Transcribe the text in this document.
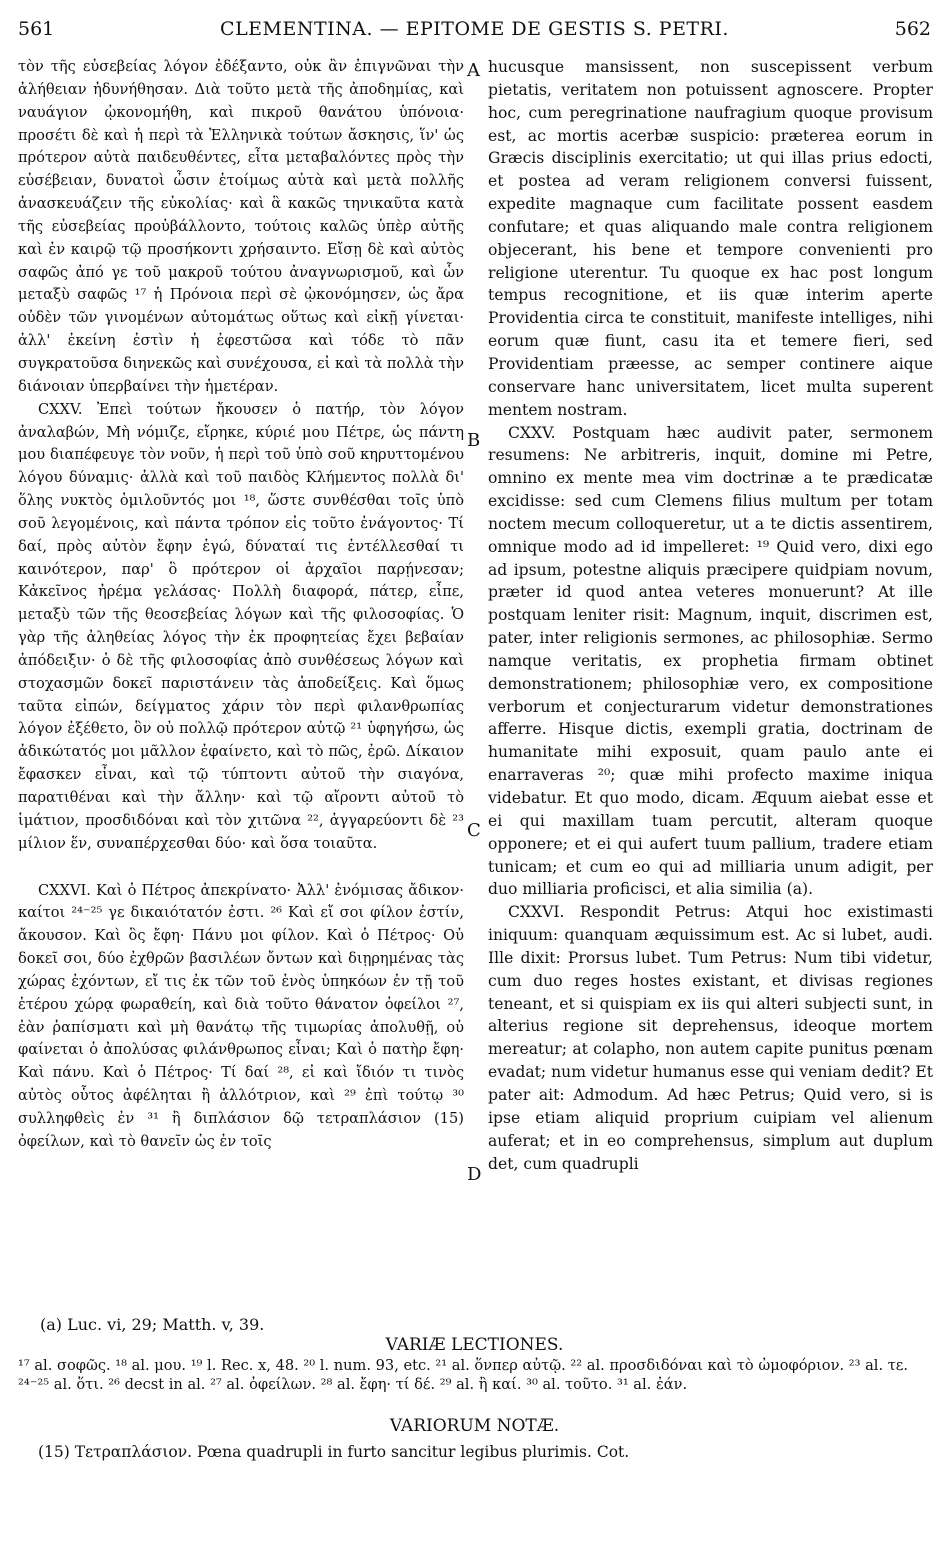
561	CLEMENTINA. — EPITOME DE GESTIS S. PETRI.	562

τὸν τῆς εὐσεβείας λόγον ἐδέξαντο, οὐκ ἂν ἐπιγνῶναι τὴν ἀλήθειαν ἠδυνήθησαν. Διὰ τοῦτο μετὰ τῆς ἀποδημίας, καὶ ναυάγιον ᾠκονομήθη, καὶ πικροῦ θανάτου ὑπόνοια· προσέτι δὲ καὶ ἡ περὶ τὰ Ἑλληνικὰ τούτων ἄσκησις, ἵν' ὡς πρότερον αὐτὰ παιδευθέντες, εἶτα μεταβαλόντες πρὸς τὴν εὐσέβειαν, δυνατοὶ ὦσιν ἑτοίμως αὐτὰ καὶ μετὰ πολλῆς ἀνασκευάζειν τῆς εὐκολίας· καὶ ἃ κακῶς τηνικαῦτα κατὰ τῆς εὐσεβείας προὐβάλλοντο, τούτοις καλῶς ὑπὲρ αὐτῆς καὶ ἐν καιρῷ τῷ προσήκοντι χρήσαιντο. Εἴσῃ δὲ καὶ αὐτὸς σαφῶς ἀπό γε τοῦ μακροῦ τούτου ἀναγνωρισμοῦ, καὶ ὧν μεταξὺ σαφῶς ¹⁷ ἡ Πρόνοια περὶ σὲ ᾠκονόμησεν, ὡς ἄρα οὐδὲν τῶν γινομένων αὐτομάτως οὕτως καὶ εἰκῇ γίνεται· ἀλλ' ἐκείνη ἐστὶν ἡ ἐφεστῶσα καὶ τόδε τὸ πᾶν συγκρατοῦσα διηνεκῶς καὶ συνέχουσα, εἰ καὶ τὰ πολλὰ τὴν διάνοιαν ὑπερβαίνει τὴν ἡμετέραν.

CXXV. Ἐπεὶ τούτων ἤκουσεν ὁ πατήρ, τὸν λόγον ἀναλαβών, Μὴ νόμιζε, εἴρηκε, κύριέ μου Πέτρε, ὡς πάντη μου διαπέφευγε τὸν νοῦν, ἡ περὶ τοῦ ὑπὸ σοῦ κηρυττομένου λόγου δύναμις· ἀλλὰ καὶ τοῦ παιδὸς Κλήμεντος πολλὰ δι' ὅλης νυκτὸς ὁμιλοῦντός μοι ¹⁸, ὥστε συνθέσθαι τοῖς ὑπὸ σοῦ λεγομένοις, καὶ πάντα τρόπον εἰς τοῦτο ἐνάγοντος· Τί δαί, πρὸς αὐτὸν ἔφην ἐγώ, δύναταί τις ἐντέλλεσθαί τι καινότερον, παρ' ὃ πρότερον οἱ ἀρχαῖοι παρῄνεσαν; Κἀκεῖνος ἠρέμα γελάσας· Πολλὴ διαφορά, πάτερ, εἶπε, μεταξὺ τῶν τῆς θεοσεβείας λόγων καὶ τῆς φιλοσοφίας. Ὁ γὰρ τῆς ἀληθείας λόγος τὴν ἐκ προφητείας ἔχει βεβαίαν ἀπόδειξιν· ὁ δὲ τῆς φιλοσοφίας ἀπὸ συνθέσεως λόγων καὶ στοχασμῶν δοκεῖ παριστάνειν τὰς ἀποδείξεις. Καὶ ὅμως ταῦτα εἰπών, δείγματος χάριν τὸν περὶ φιλανθρωπίας λόγον ἐξέθετο, ὃν οὐ πολλῷ πρότερον αὐτῷ ²¹ ὑφηγήσω, ὡς ἀδικώτατός μοι μᾶλλον ἐφαίνετο, καὶ τὸ πῶς, ἐρῶ. Δίκαιον ἔφασκεν εἶναι, καὶ τῷ τύπτοντι αὐτοῦ τὴν σιαγόνα, παρατιθέναι καὶ τὴν ἄλλην· καὶ τῷ αἴροντι αὐτοῦ τὸ ἱμάτιον, προσδιδόναι καὶ τὸν χιτῶνα ²², ἀγγαρεύοντι δὲ ²³ μίλιον ἕν, συναπέρχεσθαι δύο· καὶ ὅσα τοιαῦτα.

CXXVI. Καὶ ὁ Πέτρος ἀπεκρίνατο· Ἀλλ' ἐνόμισας ἄδικον· καίτοι ²⁴⁻²⁵ γε δικαιότατόν ἐστι. ²⁶ Καὶ εἴ σοι φίλον ἐστίν, ἄκουσον. Καὶ ὃς ἔφη· Πάνυ μοι φίλον. Καὶ ὁ Πέτρος· Οὐ δοκεῖ σοι, δύο ἐχθρῶν βασιλέων ὄντων καὶ διῃρημένας τὰς χώρας ἐχόντων, εἴ τις ἐκ τῶν τοῦ ἑνὸς ὑπηκόων ἐν τῇ τοῦ ἑτέρου χώρᾳ φωραθείη, καὶ διὰ τοῦτο θάνατον ὀφείλοι ²⁷, ἐὰν ῥαπίσματι καὶ μὴ θανάτῳ τῆς τιμωρίας ἀπολυθῇ, οὐ φαίνεται ὁ ἀπολύσας φιλάνθρωπος εἶναι; Καὶ ὁ πατὴρ ἔφη· Καὶ πάνυ. Καὶ ὁ Πέτρος· Τί δαί ²⁸, εἰ καὶ ἴδιόν τι τινὸς αὐτὸς οὗτος ἀφέληται ἢ ἀλλότριον, καὶ ²⁹ ἐπὶ τούτῳ ³⁰ συλληφθεὶς ἐν ³¹ ἢ διπλάσιον δῷ τετραπλάσιον (15) ὀφείλων, καὶ τὸ θανεῖν ὡς ἐν τοῖς

hucusque mansissent, non suscepissent verbum pietatis, veritatem non potuissent agnoscere. Propter hoc, cum peregrinatione naufragium quoque provisum est, ac mortis acerbæ suspicio: præterea eorum in Græcis disciplinis exercitatio; ut qui illas prius edocti, et postea ad veram religionem conversi fuissent, expedite magnaque cum facilitate possent easdem confutare; et quas aliquando male contra religionem objecerant, his bene et tempore convenienti pro religione uterentur. Tu quoque ex hac post longum tempus recognitione, et iis quæ interim aperte Providentia circa te constituit, manifeste intelliges, nihi eorum quæ fiunt, casu ita et temere fieri, sed Providentiam præesse, ac semper continere aique conservare hanc universitatem, licet multa superent mentem nostram.

CXXV. Postquam hæc audivit pater, sermonem resumens: Ne arbitreris, inquit, domine mi Petre, omnino ex mente mea vim doctrinæ a te prædicatæ excidisse: sed cum Clemens filius multum per totam noctem mecum colloqueretur, ut a te dictis assentirem, omnique modo ad id impelleret: ¹⁹ Quid vero, dixi ego ad ipsum, potestne aliquis præcipere quidpiam novum, præter id quod antea veteres monuerunt? At ille postquam leniter risit: Magnum, inquit, discrimen est, pater, inter religionis sermones, ac philosophiæ. Sermo namque veritatis, ex prophetia firmam obtinet demonstrationem; philosophiæ vero, ex compositione verborum et conjecturarum videtur demonstrationes afferre. Hisque dictis, exempli gratia, doctrinam de humanitate mihi exposuit, quam paulo ante ei enarraveras ²⁰; quæ mihi profecto maxime iniqua videbatur. Et quo modo, dicam. Æquum aiebat esse et ei qui maxillam tuam percutit, alteram quoque opponere; et ei qui aufert tuum pallium, tradere etiam tunicam; et cum eo qui ad milliaria unum adigit, per duo milliaria proficisci, et alia similia (a).

CXXVI. Respondit Petrus: Atqui hoc existimasti iniquum: quanquam æquissimum est. Ac si lubet, audi. Ille dixit: Prorsus lubet. Tum Petrus: Num tibi videtur, cum duo reges hostes existant, et divisas regiones teneant, et si quispiam ex iis qui alteri subjecti sunt, in alterius regione sit deprehensus, ideoque mortem mereatur; at colapho, non autem capite punitus pœnam evadat; num videtur humanus esse qui veniam dedit? Et pater ait: Admodum. Ad hæc Petrus; Quid vero, si is ipse etiam aliquid proprium cuipiam vel alienum auferat; et in eo comprehensus, simplum aut duplum det, cum quadrupli

A
B
C
D
(a) Luc. vi, 29; Matth. v, 39.
VARIÆ LECTIONES.
¹⁷ al. σοφῶς. ¹⁸ al. μου. ¹⁹ l. Rec. x, 48. ²⁰ l. num. 93, etc. ²¹ al. ὅνπερ αὐτῷ. ²² al. προσδιδόναι καὶ τὸ ὠμοφόριον. ²³ al. τε. ²⁴⁻²⁵ al. ὅτι. ²⁶ decst in al. ²⁷ al. ὀφείλων. ²⁸ al. ἔφη· τί δέ. ²⁹ al. ἢ καί. ³⁰ al. τοῦτο. ³¹ al. ἐάν.
VARIORUM NOTÆ.
(15) Τετραπλάσιον. Pœna quadrupli in furto sancitur legibus plurimis. Cot.
